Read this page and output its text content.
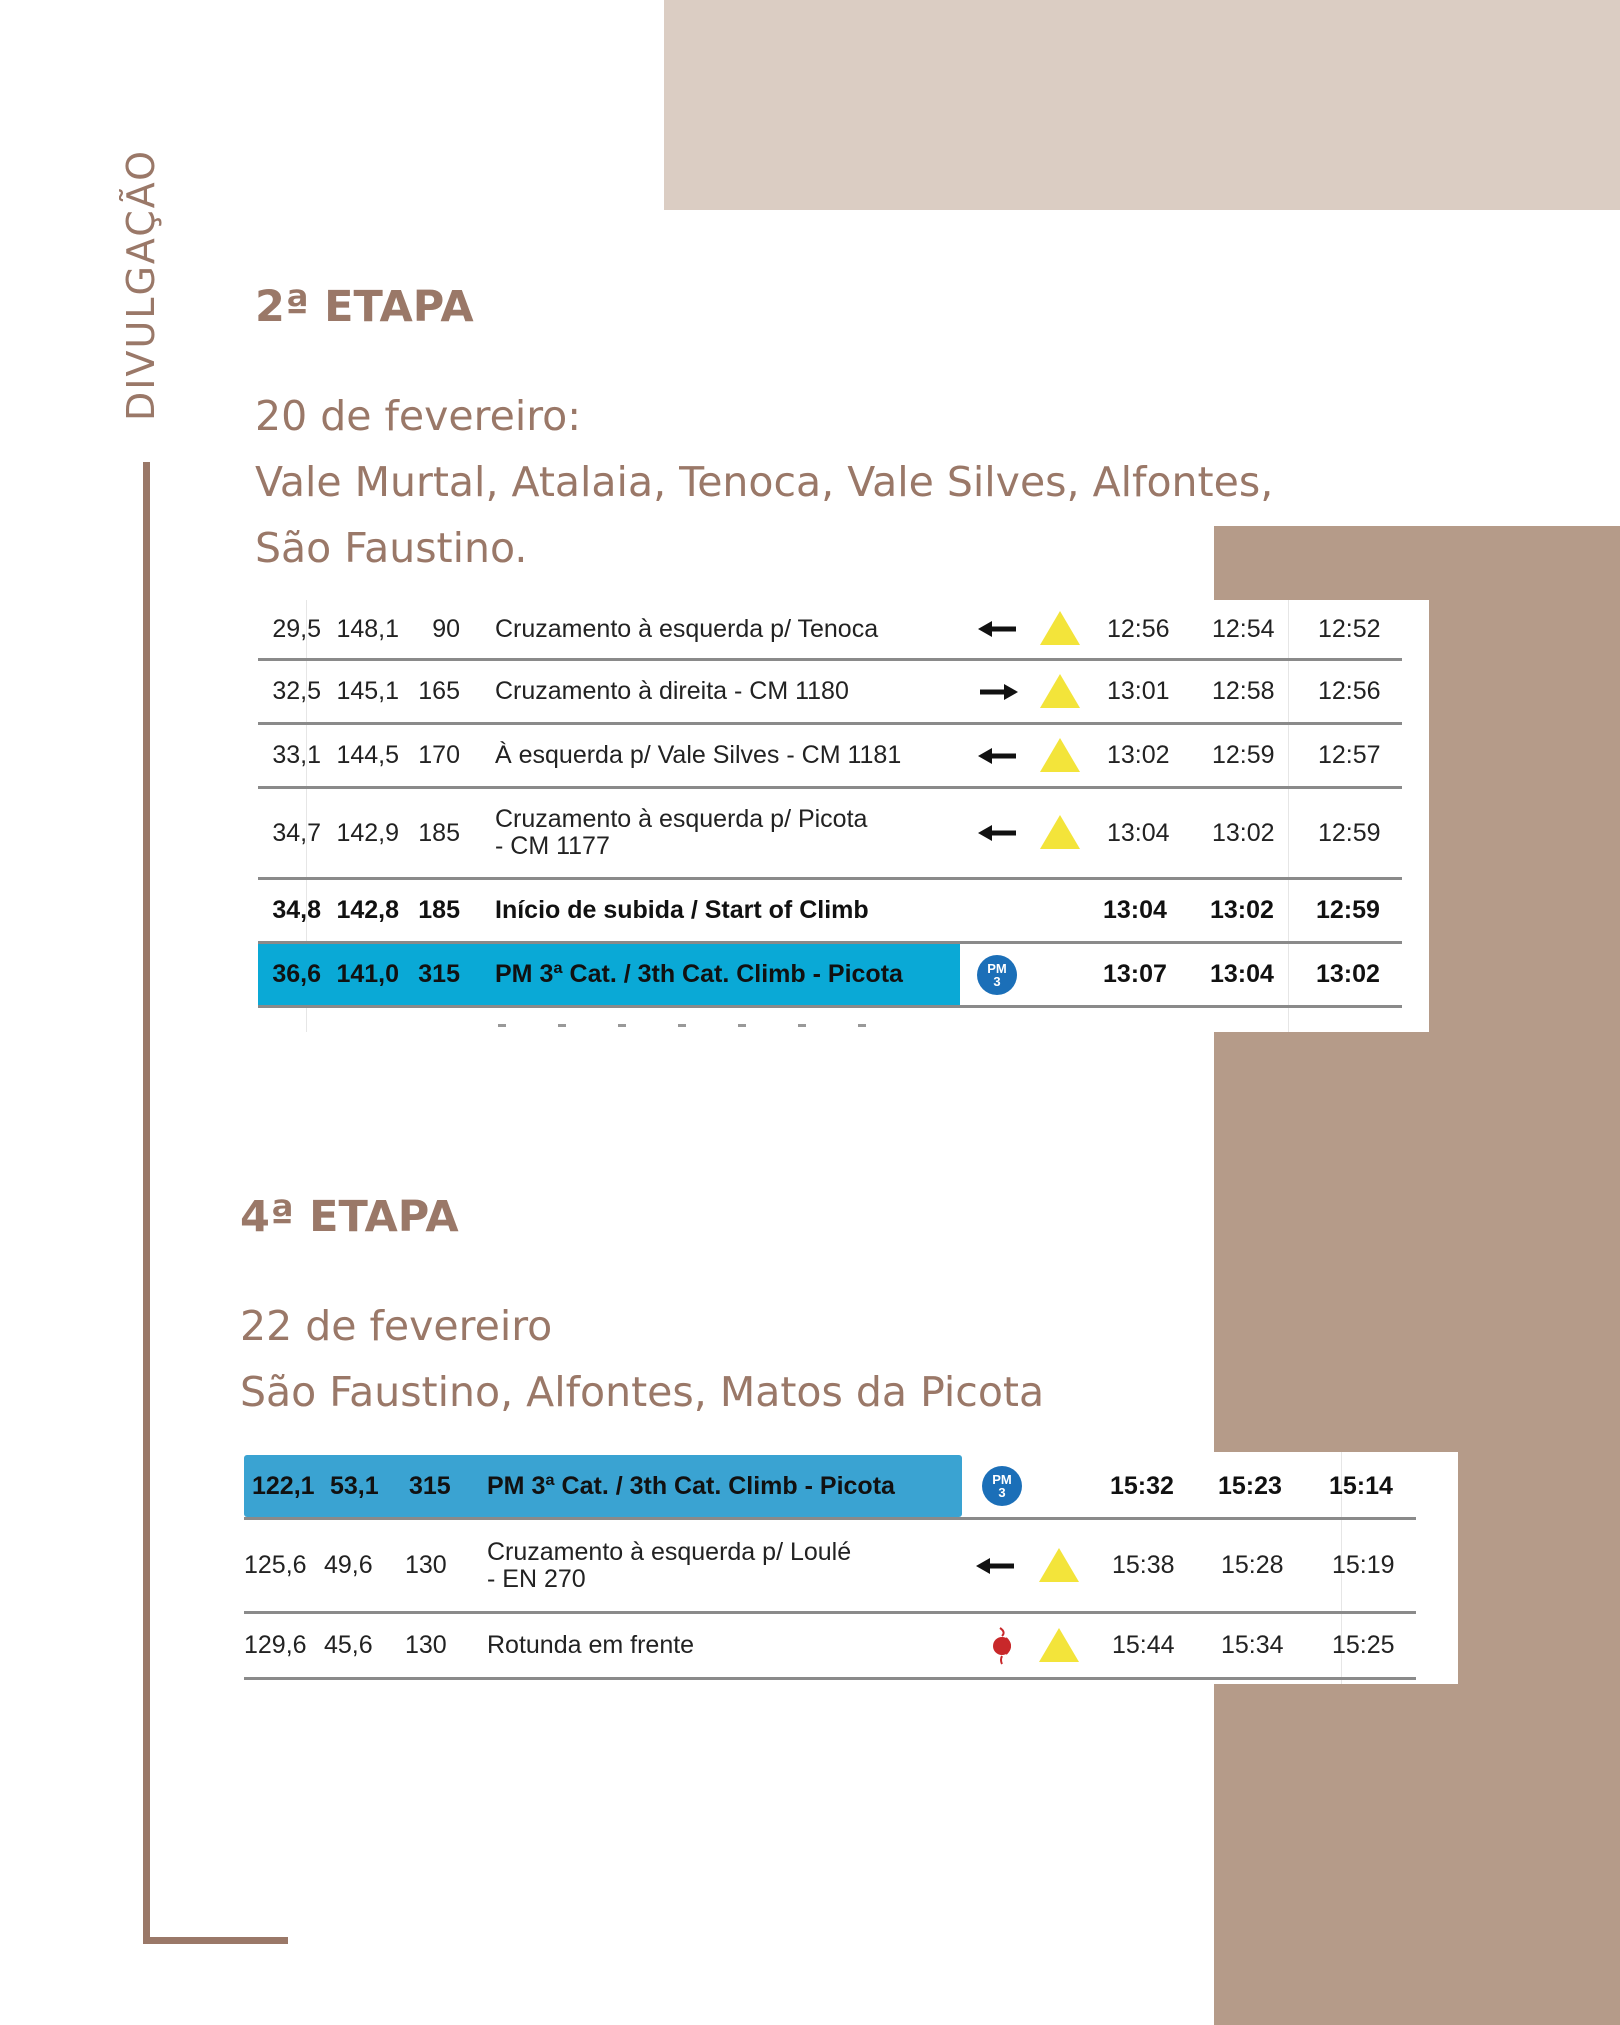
DIVULGAÇÃO 2ª ETAPA
20 de fevereiro:
Vale Murtal, Atalaia, Tenoca, Vale Silves, Alfontes,
São Faustino.
29,5 148,1	90 Cruzamento à esquerda p/ Tenoca	12:56 12:54 12:52
32,5 145,1 165 Cruzamento à direita - CM 1180	13:01 12:58 12:56
33,1 144,5 170 À esquerda p/ Vale Silves - CM 1181	13:02 12:59 12:57
34,7 142,9 185 Cruzamento à esquerda p/ Picota
- CM 1177	13:04 13:02 12:59
34,8 142,8 185 Início de subida / Start of Climb	13:04 13:02 12:59
36,6 141,0 315 PM 3ª Cat. / 3th Cat. Climb - Picota	PM
3	13:07 13:04 13:02
4ª ETAPA
22 de fevereiro
São Faustino, Alfontes, Matos da Picota
122,1 53,1 315 PM 3ª Cat. / 3th Cat. Climb - Picota	PM
3	15:32 15:23 15:14
125,6 49,6 130 Cruzamento à esquerda p/ Loulé
- EN 270	15:38 15:28 15:19
129,6 45,6 130 Rotunda em frente	15:44 15:34 15:25
